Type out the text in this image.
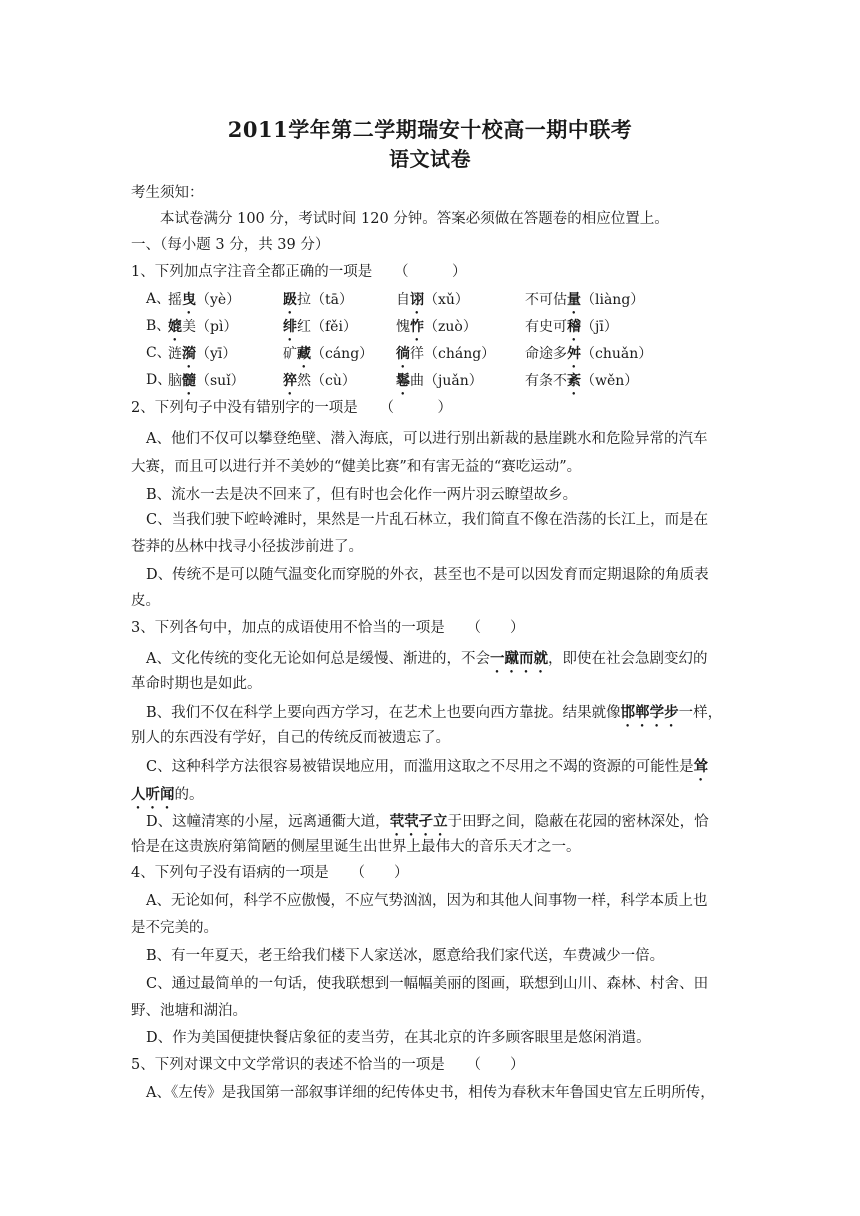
2011学年第二学期瑞安十校高一期中联考
语文试卷
考生须知：
本试卷满分 100 分，考试时间 120 分钟。答案必须做在答题卷的相应位置上。
一、（每小题 3 分，共 39 分）
1、下列加点字注音全都正确的一项是　　（　　　）
A、
摇曳（yè）	趿拉（tā）	自诩（xǔ）	不可估量（liàng）
B、
媲美（pì）	绯红（fěi）	愧怍（zuò）	有史可稽（jī）
C、
涟漪（yī）	矿藏（cáng） 徜徉（cháng） 命途多舛（chuǎn）
D、
脑髓（suǐ）	猝然（cù）	鬈曲（juǎn）	有条不紊（wěn）
2、下列句子中没有错别字的一项是　　（　　　）
A、他们不仅可以攀登绝壁、潜入海底，可以进行别出新裁的悬崖跳水和危险异常的汽车
大赛，而且可以进行并不美妙的“健美比赛”和有害无益的“赛吃运动”。
B、流水一去是决不回来了，但有时也会化作一两片羽云瞭望故乡。
C、当我们驶下崆岭滩时，果然是一片乱石林立，我们简直不像在浩荡的长江上，而是在
苍莽的丛林中找寻小径拔涉前进了。
D、传统不是可以随气温变化而穿脱的外衣，甚至也不是可以因发育而定期退除的角质表
皮。
3、下列各句中，加点的成语使用不恰当的一项是　　（　　）
A、文化传统的变化无论如何总是缓慢、渐进的，不会一蹴而就，即使在社会急剧变幻的
革命时期也是如此。
B、我们不仅在科学上要向西方学习，在艺术上也要向西方靠拢。结果就像邯郸学步一样，
别人的东西没有学好，自己的传统反而被遗忘了。
C、这种科学方法很容易被错误地应用，而滥用这取之不尽用之不竭的资源的可能性是耸
人听闻的。
D、这幢清寒的小屋，远离通衢大道，茕茕孑立于田野之间，隐蔽在花园的密林深处，恰
恰是在这贵族府第简陋的侧屋里诞生出世界上最伟大的音乐天才之一。
4、下列句子没有语病的一项是　　（　　）
A、无论如何，科学不应傲慢，不应气势汹汹，因为和其他人间事物一样，科学本质上也
是不完美的。
B、有一年夏天，老王给我们楼下人家送冰，愿意给我们家代送，车费减少一倍。
C、通过最简单的一句话，使我联想到一幅幅美丽的图画，联想到山川、森林、村舍、田
野、池塘和湖泊。
D、作为美国便捷快餐店象征的麦当劳，在其北京的许多顾客眼里是悠闲消遣。
5、下列对课文中文学常识的表述不恰当的一项是　　（　　）
A、《左传》是我国第一部叙事详细的纪传体史书，相传为春秋末年鲁国史官左丘明所传，
